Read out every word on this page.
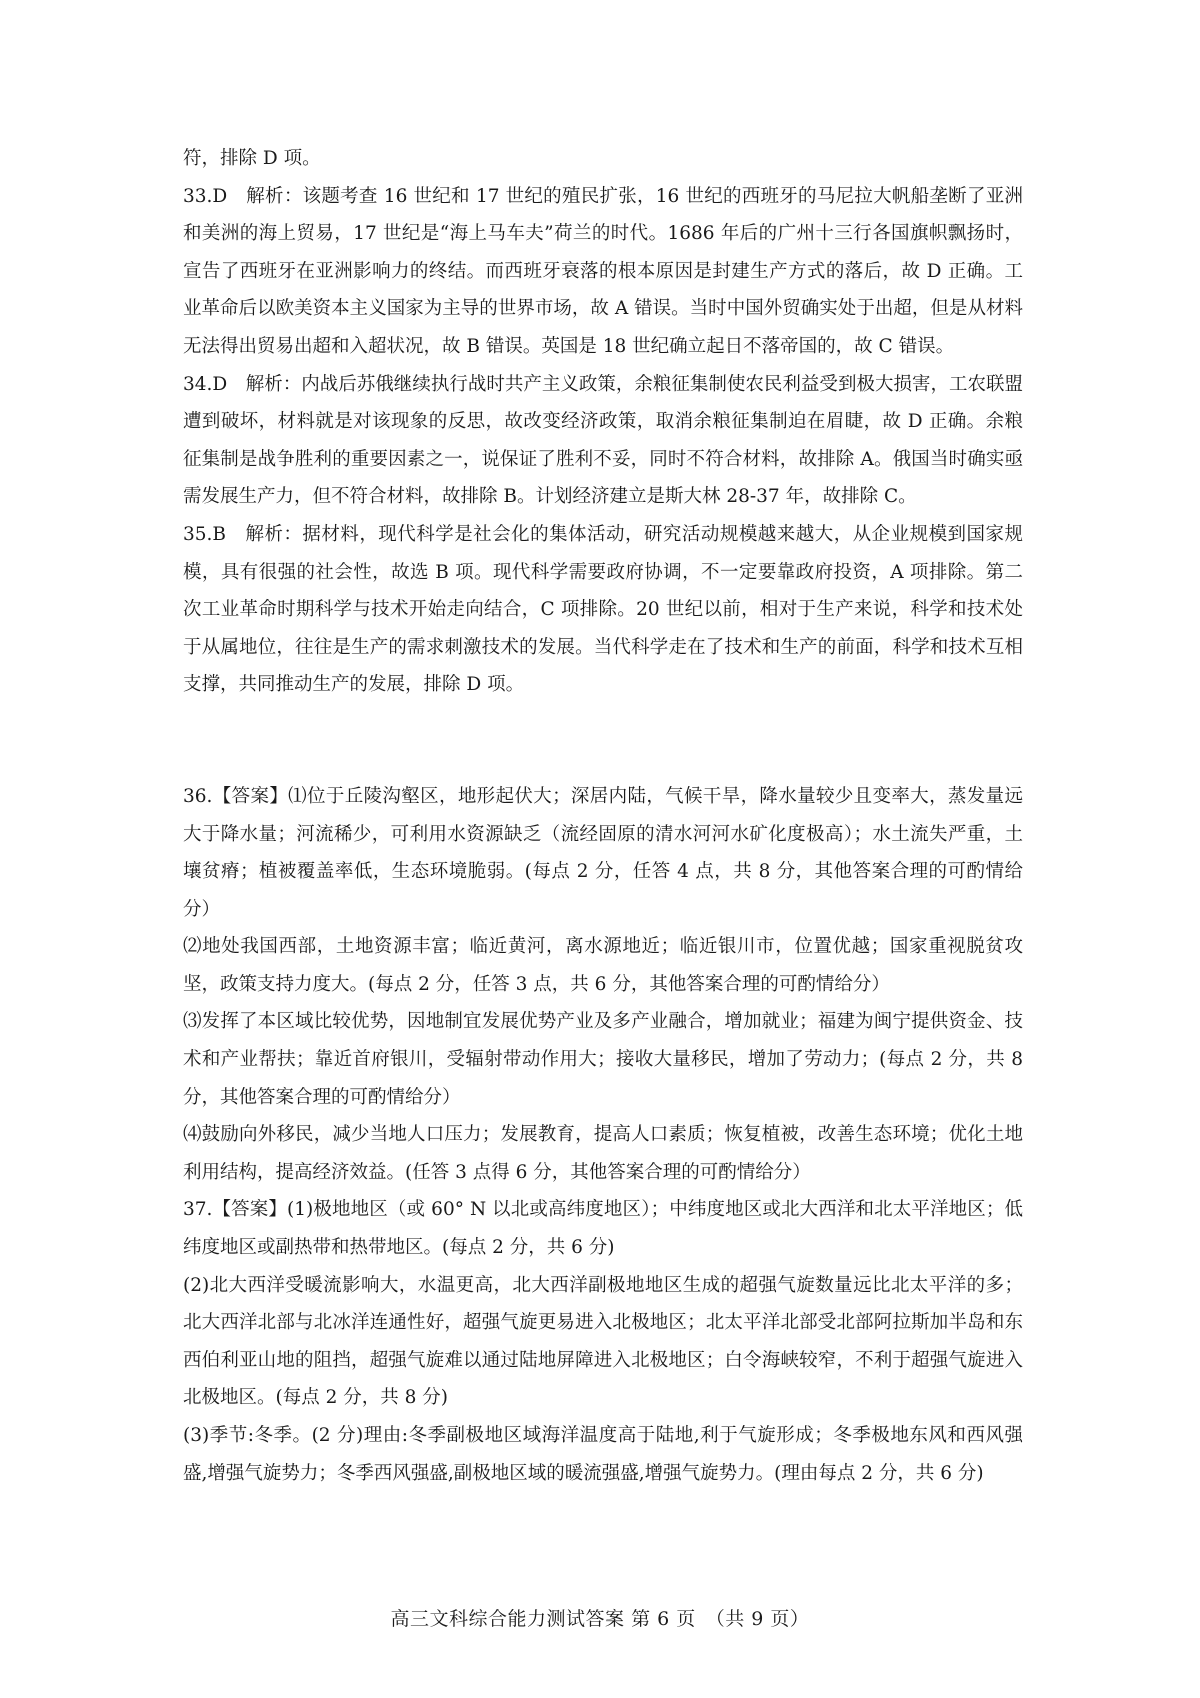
符，排除 D 项。

33.D　解析：该题考查 16 世纪和 17 世纪的殖民扩张，16 世纪的西班牙的马尼拉大帆船垄断了亚洲和美洲的海上贸易，17 世纪是“海上马车夫”荷兰的时代。1686 年后的广州十三行各国旗帜飘扬时，宣告了西班牙在亚洲影响力的终结。而西班牙衰落的根本原因是封建生产方式的落后，故 D 正确。工业革命后以欧美资本主义国家为主导的世界市场，故 A 错误。当时中国外贸确实处于出超，但是从材料无法得出贸易出超和入超状况，故 B 错误。英国是 18 世纪确立起日不落帝国的，故 C 错误。

34.D　解析：内战后苏俄继续执行战时共产主义政策，余粮征集制使农民利益受到极大损害，工农联盟遭到破坏，材料就是对该现象的反思，故改变经济政策，取消余粮征集制迫在眉睫，故 D 正确。余粮征集制是战争胜利的重要因素之一，说保证了胜利不妥，同时不符合材料，故排除 A。俄国当时确实亟需发展生产力，但不符合材料，故排除 B。计划经济建立是斯大林 28-37 年，故排除 C。

35.B　解析：据材料，现代科学是社会化的集体活动，研究活动规模越来越大，从企业规模到国家规模，具有很强的社会性，故选 B 项。现代科学需要政府协调，不一定要靠政府投资，A 项排除。第二次工业革命时期科学与技术开始走向结合，C 项排除。20 世纪以前，相对于生产来说，科学和技术处于从属地位，往往是生产的需求刺激技术的发展。当代科学走在了技术和生产的前面，科学和技术互相支撑，共同推动生产的发展，排除 D 项。

36.【答案】⑴位于丘陵沟壑区，地形起伏大；深居内陆，气候干旱，降水量较少且变率大，蒸发量远大于降水量；河流稀少，可利用水资源缺乏（流经固原的清水河河水矿化度极高）；水土流失严重，土壤贫瘠；植被覆盖率低，生态环境脆弱。(每点 2 分，任答 4 点，共 8 分，其他答案合理的可酌情给分）

⑵地处我国西部，土地资源丰富；临近黄河，离水源地近；临近银川市，位置优越；国家重视脱贫攻坚，政策支持力度大。(每点 2 分，任答 3 点，共 6 分，其他答案合理的可酌情给分）

⑶发挥了本区域比较优势，因地制宜发展优势产业及多产业融合，增加就业；福建为闽宁提供资金、技术和产业帮扶；靠近首府银川，受辐射带动作用大；接收大量移民，增加了劳动力；(每点 2 分，共 8 分，其他答案合理的可酌情给分）

⑷鼓励向外移民，减少当地人口压力；发展教育，提高人口素质；恢复植被，改善生态环境；优化土地利用结构，提高经济效益。(任答 3 点得 6 分，其他答案合理的可酌情给分）

37.【答案】(1)极地地区（或 60° N 以北或高纬度地区）；中纬度地区或北大西洋和北太平洋地区；低纬度地区或副热带和热带地区。(每点 2 分，共 6 分)

(2)北大西洋受暖流影响大，水温更高，北大西洋副极地地区生成的超强气旋数量远比北太平洋的多；北大西洋北部与北冰洋连通性好，超强气旋更易进入北极地区；北太平洋北部受北部阿拉斯加半岛和东西伯利亚山地的阻挡，超强气旋难以通过陆地屏障进入北极地区；白令海峡较窄，不利于超强气旋进入北极地区。(每点 2 分，共 8 分)

(3)季节:冬季。(2 分)理由:冬季副极地区域海洋温度高于陆地,利于气旋形成；冬季极地东风和西风强盛,增强气旋势力；冬季西风强盛,副极地区域的暖流强盛,增强气旋势力。(理由每点 2 分，共 6 分)

高三文科综合能力测试答案 第 6 页　（共 9 页）
